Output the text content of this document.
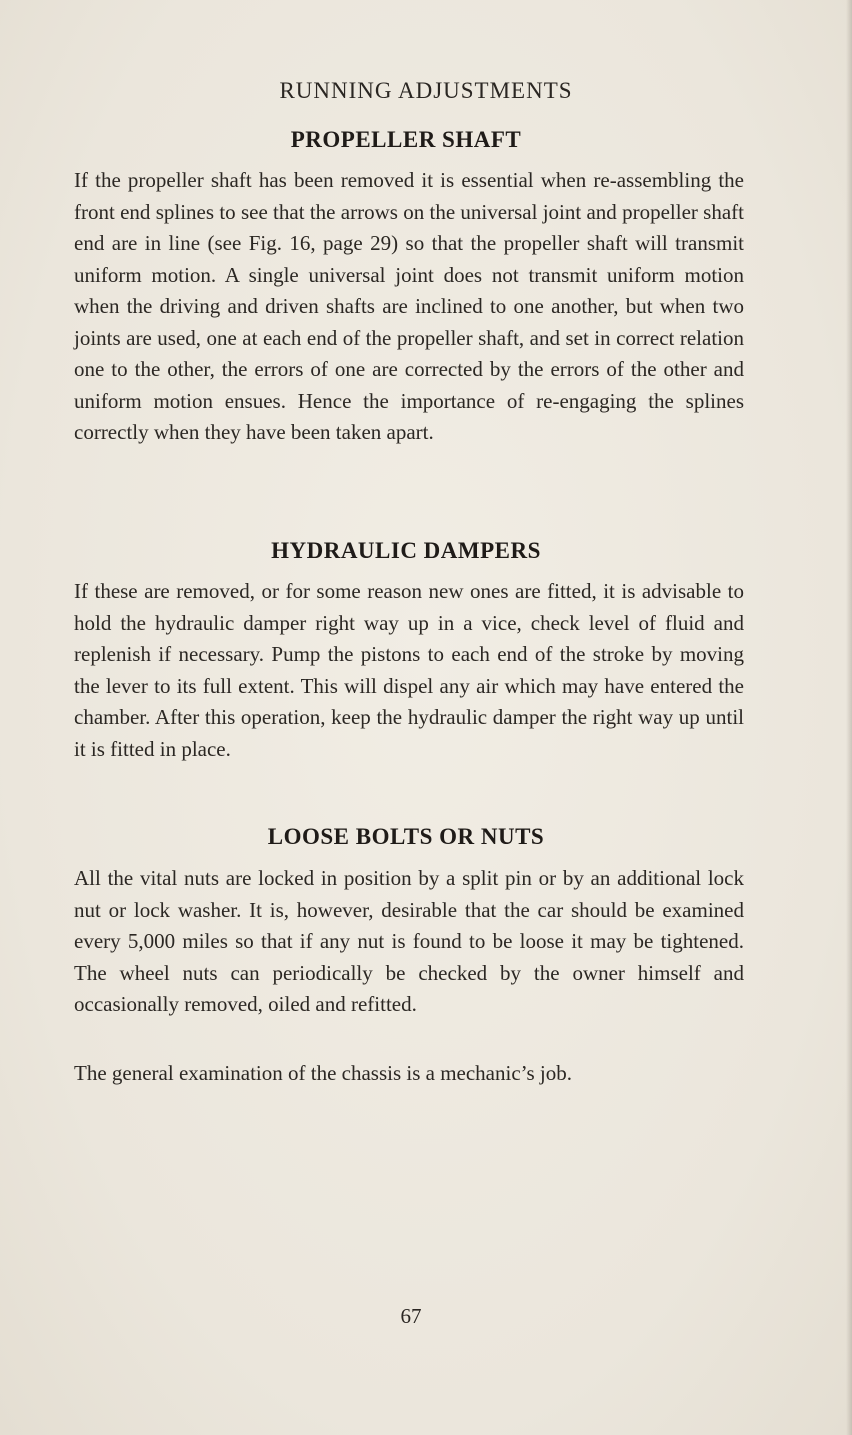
RUNNING ADJUSTMENTS
PROPELLER SHAFT
If the propeller shaft has been removed it is essential when re-assembling the front end splines to see that the arrows on the universal joint and propeller shaft end are in line (see Fig. 16, page 29) so that the propeller shaft will transmit uniform motion. A single universal joint does not transmit uniform motion when the driving and driven shafts are inclined to one another, but when two joints are used, one at each end of the propeller shaft, and set in correct relation one to the other, the errors of one are corrected by the errors of the other and uniform motion ensues. Hence the importance of re-engaging the splines correctly when they have been taken apart.
HYDRAULIC DAMPERS
If these are removed, or for some reason new ones are fitted, it is advisable to hold the hydraulic damper right way up in a vice, check level of fluid and replenish if necessary. Pump the pistons to each end of the stroke by moving the lever to its full extent. This will dispel any air which may have entered the chamber. After this operation, keep the hydraulic damper the right way up until it is fitted in place.
LOOSE BOLTS OR NUTS
All the vital nuts are locked in position by a split pin or by an additional lock nut or lock washer. It is, however, desirable that the car should be examined every 5,000 miles so that if any nut is found to be loose it may be tightened. The wheel nuts can periodically be checked by the owner himself and occasionally removed, oiled and refitted.
The general examination of the chassis is a mechanic’s job.
67
